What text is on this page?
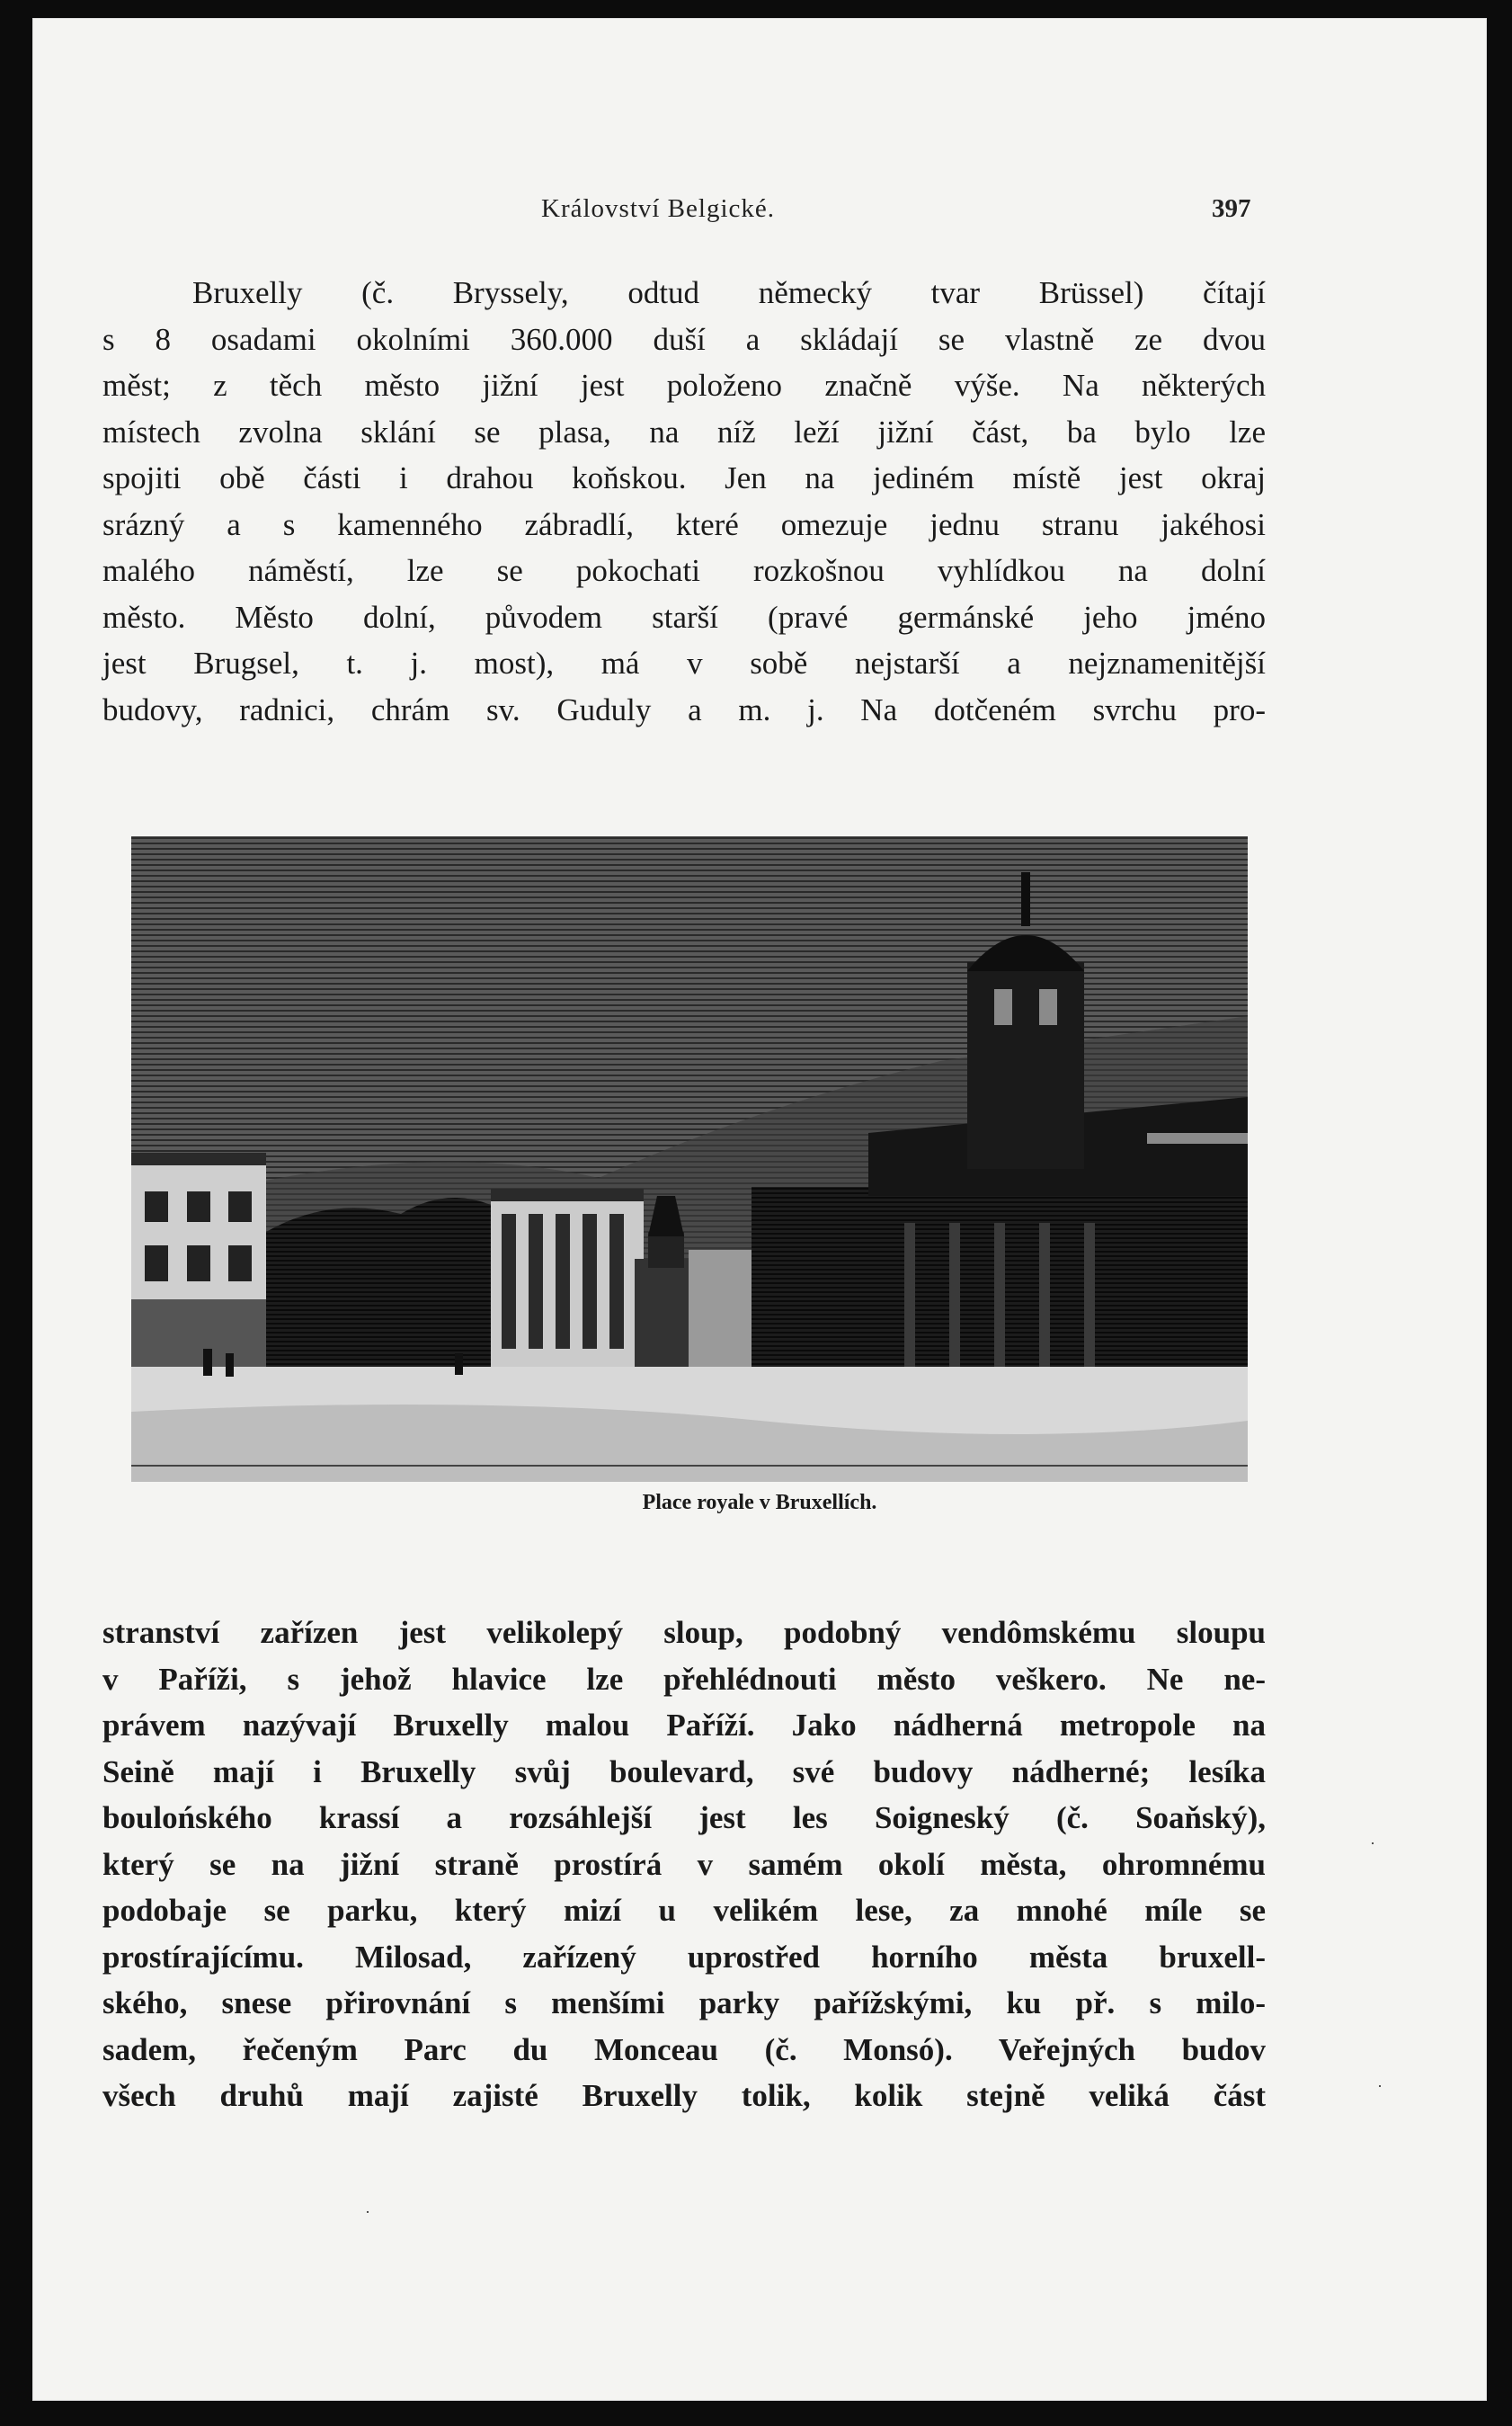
Království Belgické.	397
Bruxelly (č. Bryssely, odtud německý tvar Brüssel) čítají
s 8 osadami okolními 360.000 duší a skládají se vlastně ze dvou
měst; z těch město jižní jest položeno značně výše. Na některých
místech zvolna sklání se plasa, na níž leží jižní část, ba bylo lze
spojiti obě části i drahou koňskou. Jen na jediném místě jest okraj
srázný a s kamenného zábradlí, které omezuje jednu stranu jakéhosi
malého náměstí, lze se pokochati rozkošnou vyhlídkou na dolní
město. Město dolní, původem starší (pravé germánské jeho jméno
jest Brugsel, t. j. most), má v sobě nejstarší a nejznamenitější
budovy, radnici, chrám sv. Guduly a m. j. Na dotčeném svrchu pro-
Place royale v Bruxellích.
stranství zařízen jest velikolepý sloup, podobný vendômskému sloupu
v Paříži, s jehož hlavice lze přehlédnouti město veškero. Ne ne-
právem nazývají Bruxelly malou Paříží. Jako nádherná metropole na
Seině mají i Bruxelly svůj boulevard, své budovy nádherné; lesíka
boulońského krassí a rozsáhlejší jest les Soigneský (č. Soaňský),
který se na jižní straně prostírá v samém okolí města, ohromnému
podobaje se parku, který mizí u velikém lese, za mnohé míle se
prostírajícímu. Milosad, zařízený uprostřed horního města bruxell-
ského, snese přirovnání s menšími parky pařížskými, ku př. s milo-
sadem, řečeným Parc du Monceau (č. Monsó). Veřejných budov
všech druhů mají zajisté Bruxelly tolik, kolik stejně veliká část
·
·
·
